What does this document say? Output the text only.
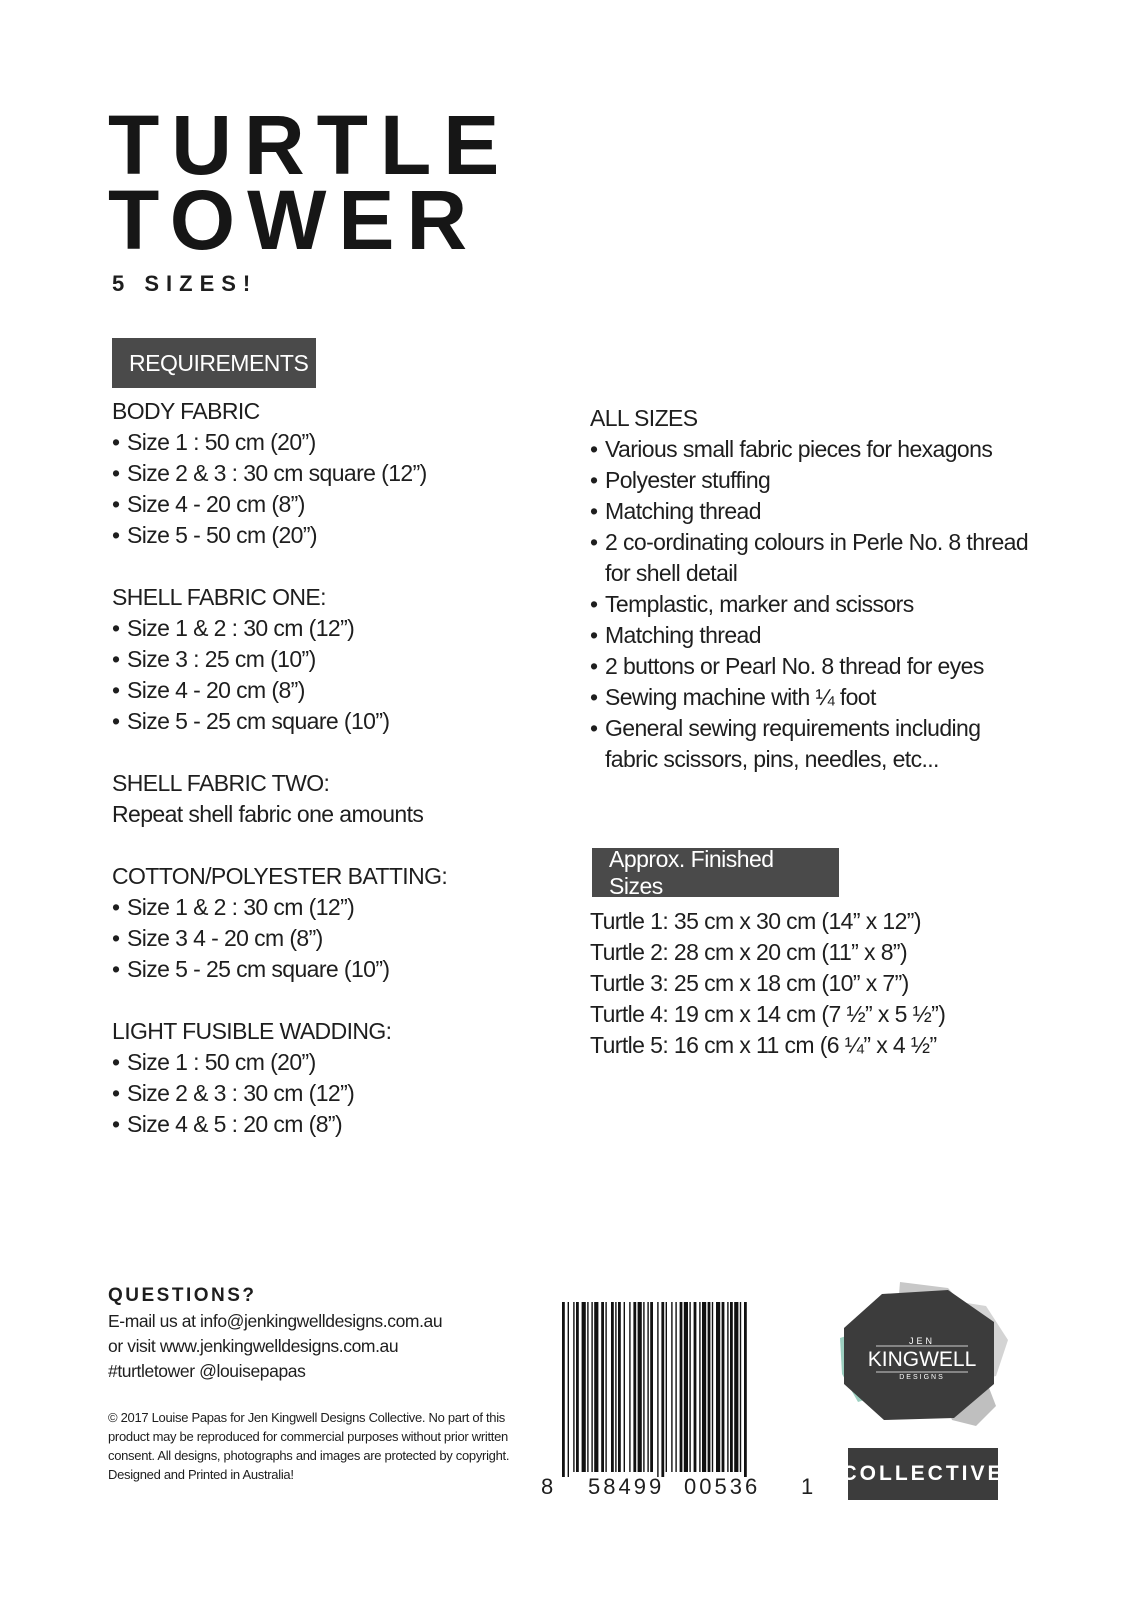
TURTLE
TOWER
5 SIZES!
REQUIREMENTS
BODY FABRIC
• Size 1 : 50 cm (20”)
• Size 2 & 3 : 30 cm square (12”)
• Size 4 - 20 cm (8”)
• Size 5 - 50 cm (20”)
SHELL FABRIC ONE:
• Size 1 & 2 : 30 cm (12”)
• Size 3 : 25 cm (10”)
• Size 4 - 20 cm (8”)
• Size 5 - 25 cm square (10”)
SHELL FABRIC TWO:
Repeat shell fabric one amounts
COTTON/POLYESTER BATTING:
• Size 1 & 2 : 30 cm (12”)
• Size 3 4 - 20 cm (8”)
• Size 5 - 25 cm square (10”)
LIGHT FUSIBLE WADDING:
• Size 1 : 50 cm (20”)
• Size 2 & 3 : 30 cm (12”)
• Size 4 & 5 : 20 cm (8”)
ALL SIZES
• Various small fabric pieces for hexagons
• Polyester stuffing
• Matching thread
• 2 co-ordinating colours in Perle No. 8 thread for shell detail
• Templastic, marker and scissors
• Matching thread
• 2 buttons or Pearl No. 8 thread for eyes
• Sewing machine with ¼ foot
• General sewing requirements including fabric scissors, pins, needles, etc...
Approx. Finished Sizes
Turtle 1: 35 cm x 30 cm (14” x 12”)
Turtle 2: 28 cm x 20 cm (11” x 8”)
Turtle 3: 25 cm x 18 cm (10” x 7”)
Turtle 4: 19 cm x 14 cm (7 ½” x 5 ½”)
Turtle 5: 16 cm x 11 cm (6 ¼” x 4 ½”
QUESTIONS?
E-mail us at info@jenkingwelldesigns.com.au
or visit www.jenkingwelldesigns.com.au
#turtletower @louisepapas
© 2017 Louise Papas for Jen Kingwell Designs Collective. No part of this product may be reproduced for commercial purposes without prior written consent. All designs, photographs and images are protected by copyright. Designed and Printed in Australia!	8 58499 00536 1
JEN
KINGWELL
DESIGNS
COLLECTIVE
